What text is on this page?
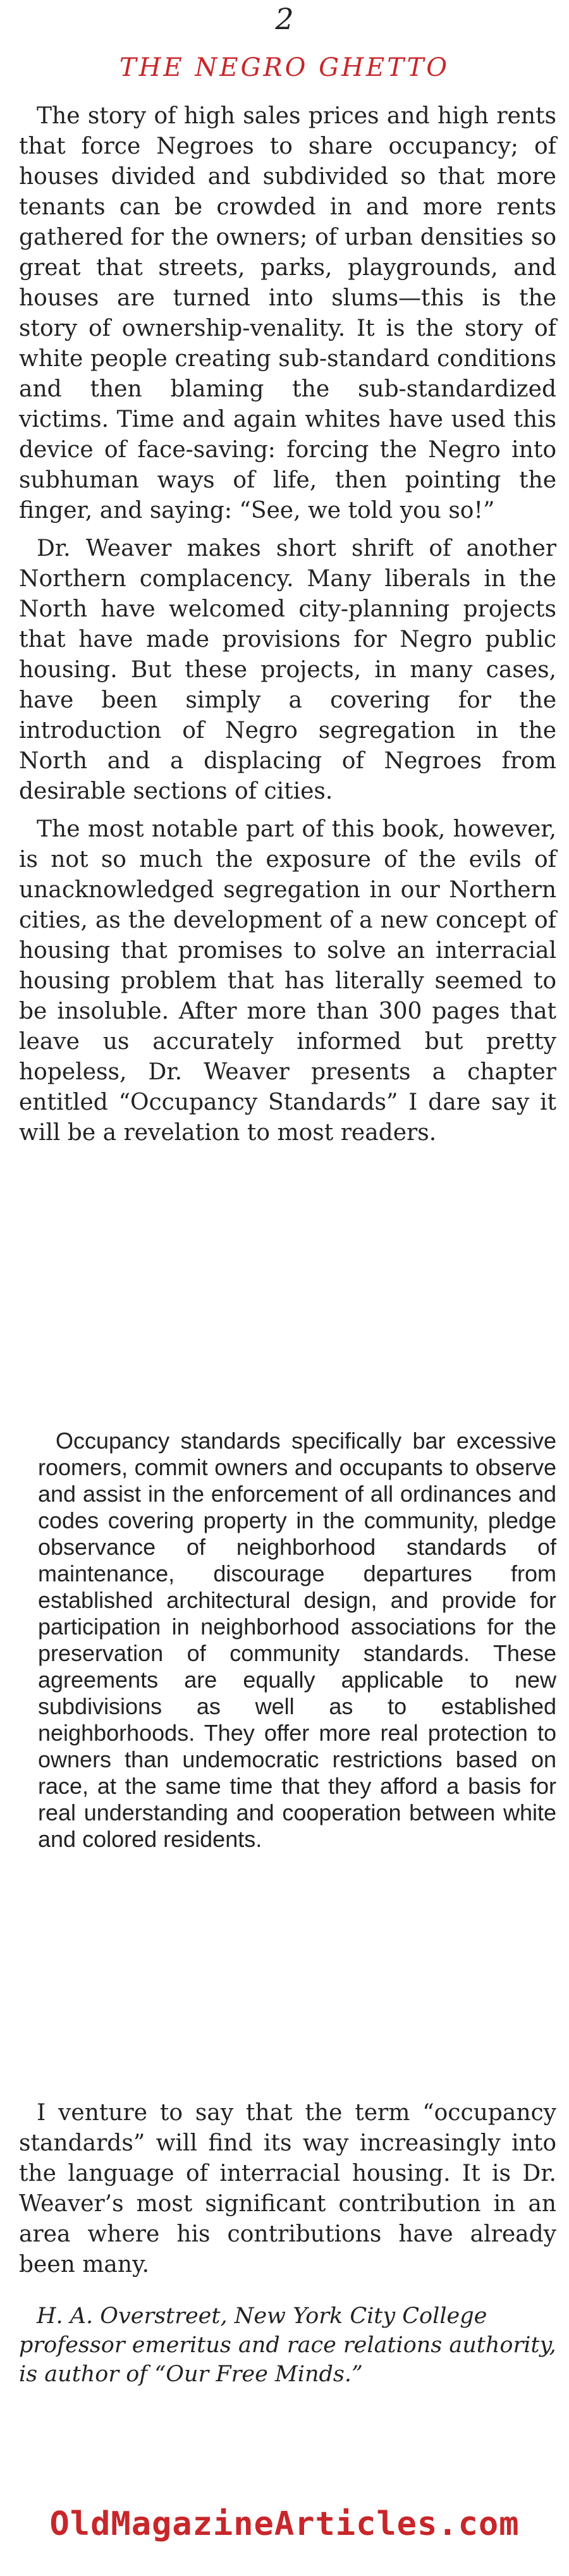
2
THE NEGRO GHETTO

The story of high sales prices and high rents that force Negroes to share occupancy; of houses divided and subdivided so that more tenants can be crowded in and more rents gathered for the owners; of urban densities so great that streets, parks, playgrounds, and houses are turned into slums—this is the story of ownership-venality. It is the story of white people creating sub-standard conditions and then blaming the sub-standardized victims. Time and again whites have used this device of face-saving: forcing the Negro into subhuman ways of life, then pointing the finger, and saying: “See, we told you so!”

Dr. Weaver makes short shrift of another Northern complacency. Many liberals in the North have welcomed city-planning projects that have made provisions for Negro public housing. But these projects, in many cases, have been simply a covering for the introduction of Negro segregation in the North and a displacing of Negroes from desirable sections of cities.

The most notable part of this book, however, is not so much the exposure of the evils of unacknowledged segregation in our Northern cities, as the development of a new concept of housing that promises to solve an interracial housing problem that has literally seemed to be insoluble. After more than 300 pages that leave us accurately informed but pretty hopeless, Dr. Weaver presents a chapter entitled “Occupancy Standards” I dare say it will be a revelation to most readers.

Occupancy standards specifically bar excessive roomers, commit owners and occupants to observe and assist in the enforcement of all ordinances and codes covering property in the community, pledge observance of neighborhood standards of maintenance, discourage departures from established architectural design, and provide for participation in neighborhood associations for the preservation of community standards. These agreements are equally applicable to new subdivisions as well as to established neighborhoods. They offer more real protection to owners than undemocratic restrictions based on race, at the same time that they afford a basis for real understanding and cooperation between white and colored residents.

I venture to say that the term “occupancy standards” will find its way increasingly into the language of interracial housing. It is Dr. Weaver’s most significant contribution in an area where his contributions have already been many.

H. A. Overstreet, New York City College professor emeritus and race relations authority, is author of “Our Free Minds.”

OldMagazineArticles.com
